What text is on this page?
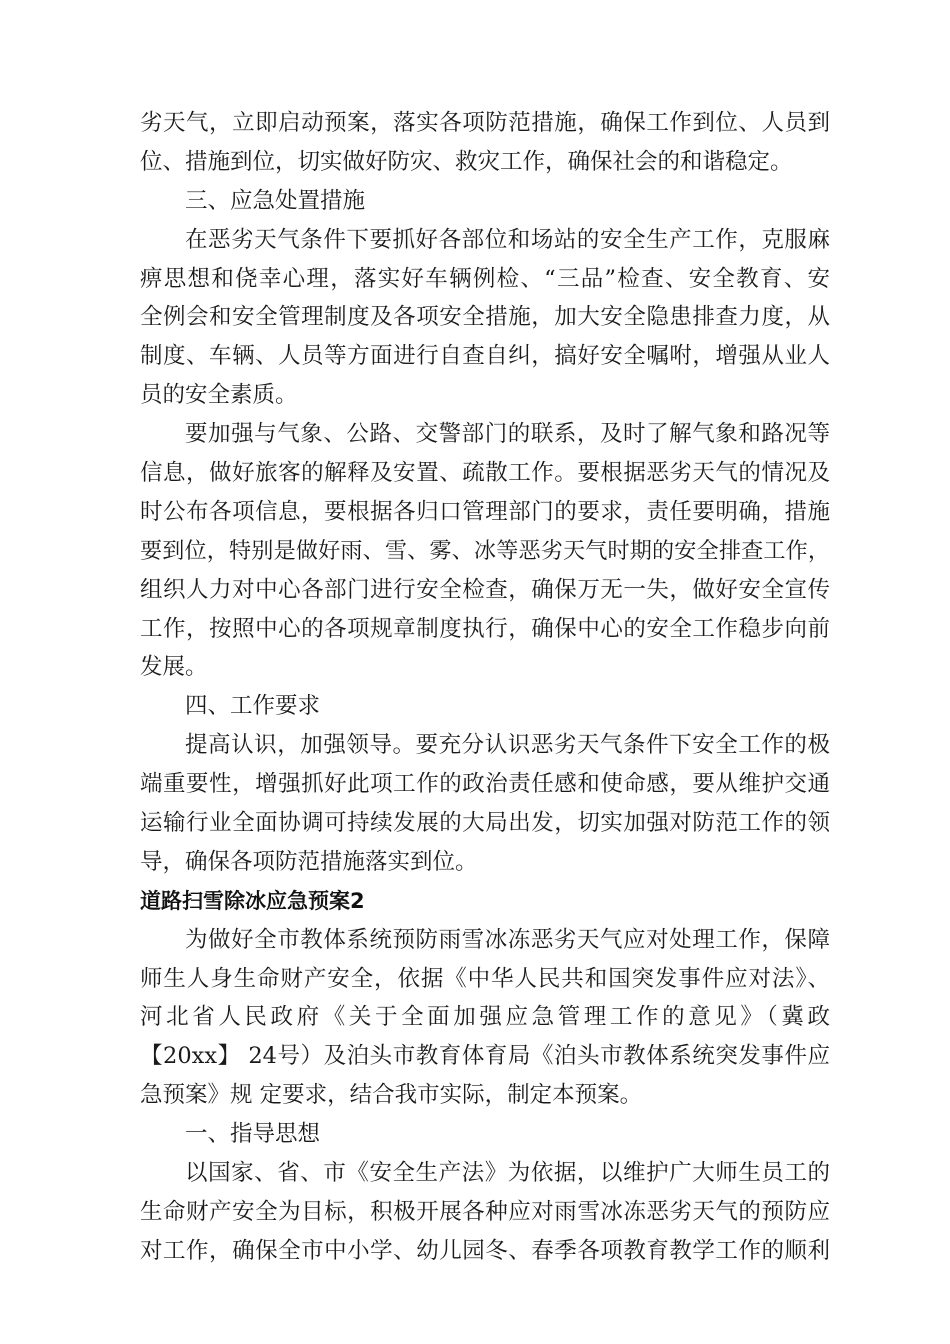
劣天气，立即启动预案，落实各项防范措施，确保工作到位、人员到
位、措施到位，切实做好防灾、救灾工作，确保社会的和谐稳定。
三、应急处置措施
在恶劣天气条件下要抓好各部位和场站的安全生产工作，克服麻
痹思想和侥幸心理，落实好车辆例检、“三品”检查、安全教育、安
全例会和安全管理制度及各项安全措施，加大安全隐患排查力度，从
制度、车辆、人员等方面进行自查自纠，搞好安全嘱咐，增强从业人
员的安全素质。
要加强与气象、公路、交警部门的联系，及时了解气象和路况等
信息，做好旅客的解释及安置、疏散工作。要根据恶劣天气的情况及
时公布各项信息，要根据各归口管理部门的要求，责任要明确，措施
要到位，特别是做好雨、雪、雾、冰等恶劣天气时期的安全排查工作，
组织人力对中心各部门进行安全检查，确保万无一失，做好安全宣传
工作，按照中心的各项规章制度执行，确保中心的安全工作稳步向前
发展。
四、工作要求
提高认识，加强领导。要充分认识恶劣天气条件下安全工作的极
端重要性，增强抓好此项工作的政治责任感和使命感，要从维护交通
运输行业全面协调可持续发展的大局出发，切实加强对防范工作的领
导，确保各项防范措施落实到位。
道路扫雪除冰应急预案2
为做好全市教体系统预防雨雪冰冻恶劣天气应对处理工作，保障
师生人身生命财产安全，依据《中华人民共和国突发事件应对法》、
河北省人民政府《关于全面加强应急管理工作的意见》（冀政
【20xx】 24号）及泊头市教育体育局《泊头市教体系统突发事件应
急预案》规 定要求，结合我市实际，制定本预案。
一、指导思想
以国家、省、市《安全生产法》为依据，以维护广大师生员工的
生命财产安全为目标，积极开展各种应对雨雪冰冻恶劣天气的预防应
对工作，确保全市中小学、幼儿园冬、春季各项教育教学工作的顺利
